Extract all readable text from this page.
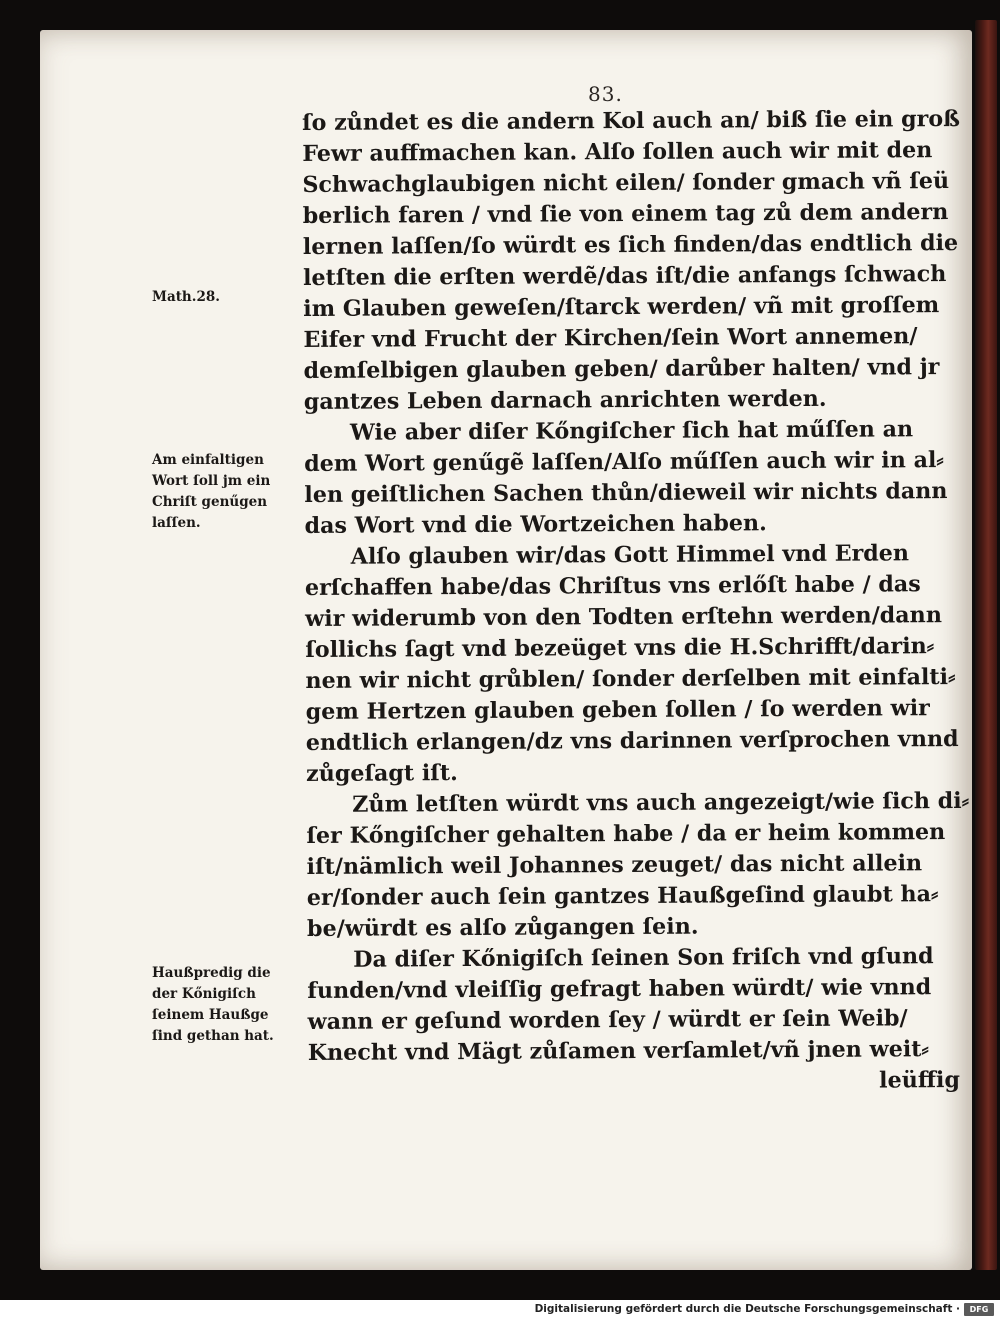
83.
ſo zůndet es die andern Kol auch an/ biß ſie ein groß
Fewr auffmachen kan. Alſo ſollen auch wir mit den
Schwachglaubigen nicht eilen/ ſonder gmach vñ ſeü
berlich faren / vnd ſie von einem tag zů dem andern
lernen laſſen/ſo würdt es ſich finden/das endtlich die
letſten die erſten werdẽ/das iſt/die anfangs ſchwach
im Glauben geweſen/ſtarck werden/ vñ mit groſſem
Eifer vnd Frucht der Kirchen/ſein Wort annemen/
demſelbigen glauben geben/ darůber halten/ vnd jr
gantzes Leben darnach anrichten werden.
Wie aber diſer Kőngiſcher ſich hat műſſen an
dem Wort genűgẽ laſſen/Alſo műſſen auch wir in al⸗
len geiſtlichen Sachen thůn/dieweil wir nichts dann
das Wort vnd die Wortzeichen haben.
Alſo glauben wir/das Gott Himmel vnd Erden
erſchaffen habe/das Chriſtus vns erlőſt habe / das
wir widerumb von den Todten erſtehn werden/dann
ſollichs ſagt vnd bezeüget vns die H.Schrifft/darin⸗
nen wir nicht grůblen/ ſonder derſelben mit einfalti⸗
gem Hertzen glauben geben ſollen / ſo werden wir
endtlich erlangen/dz vns darinnen verſprochen vnnd
zůgeſagt iſt.
Zům letſten würdt vns auch angezeigt/wie ſich di⸗
ſer Kőngiſcher gehalten habe / da er heim kommen
iſt/nämlich weil Johannes zeuget/ das nicht allein
er/ſonder auch ſein gantzes Haußgeſind glaubt ha⸗
be/würdt es alſo zůgangen ſein.
Da diſer Kőnigiſch ſeinen Son friſch vnd gſund
funden/vnd vleiſſig gefragt haben würdt/ wie vnnd
wann er geſund worden ſey / würdt er ſein Weib/
Knecht vnd Mägt zůſamen verſamlet/vñ jnen weit⸗
leüffig
Math.28.
Am einfaltigen
Wort ſoll jm ein
Chriſt genűgen
laſſen.
Haußpredig die
der Kőnigiſch
ſeinem Haußge
ſind gethan hat.
Digitalisierung gefördert durch die Deutsche Forschungsgemeinschaft ·	DFG
